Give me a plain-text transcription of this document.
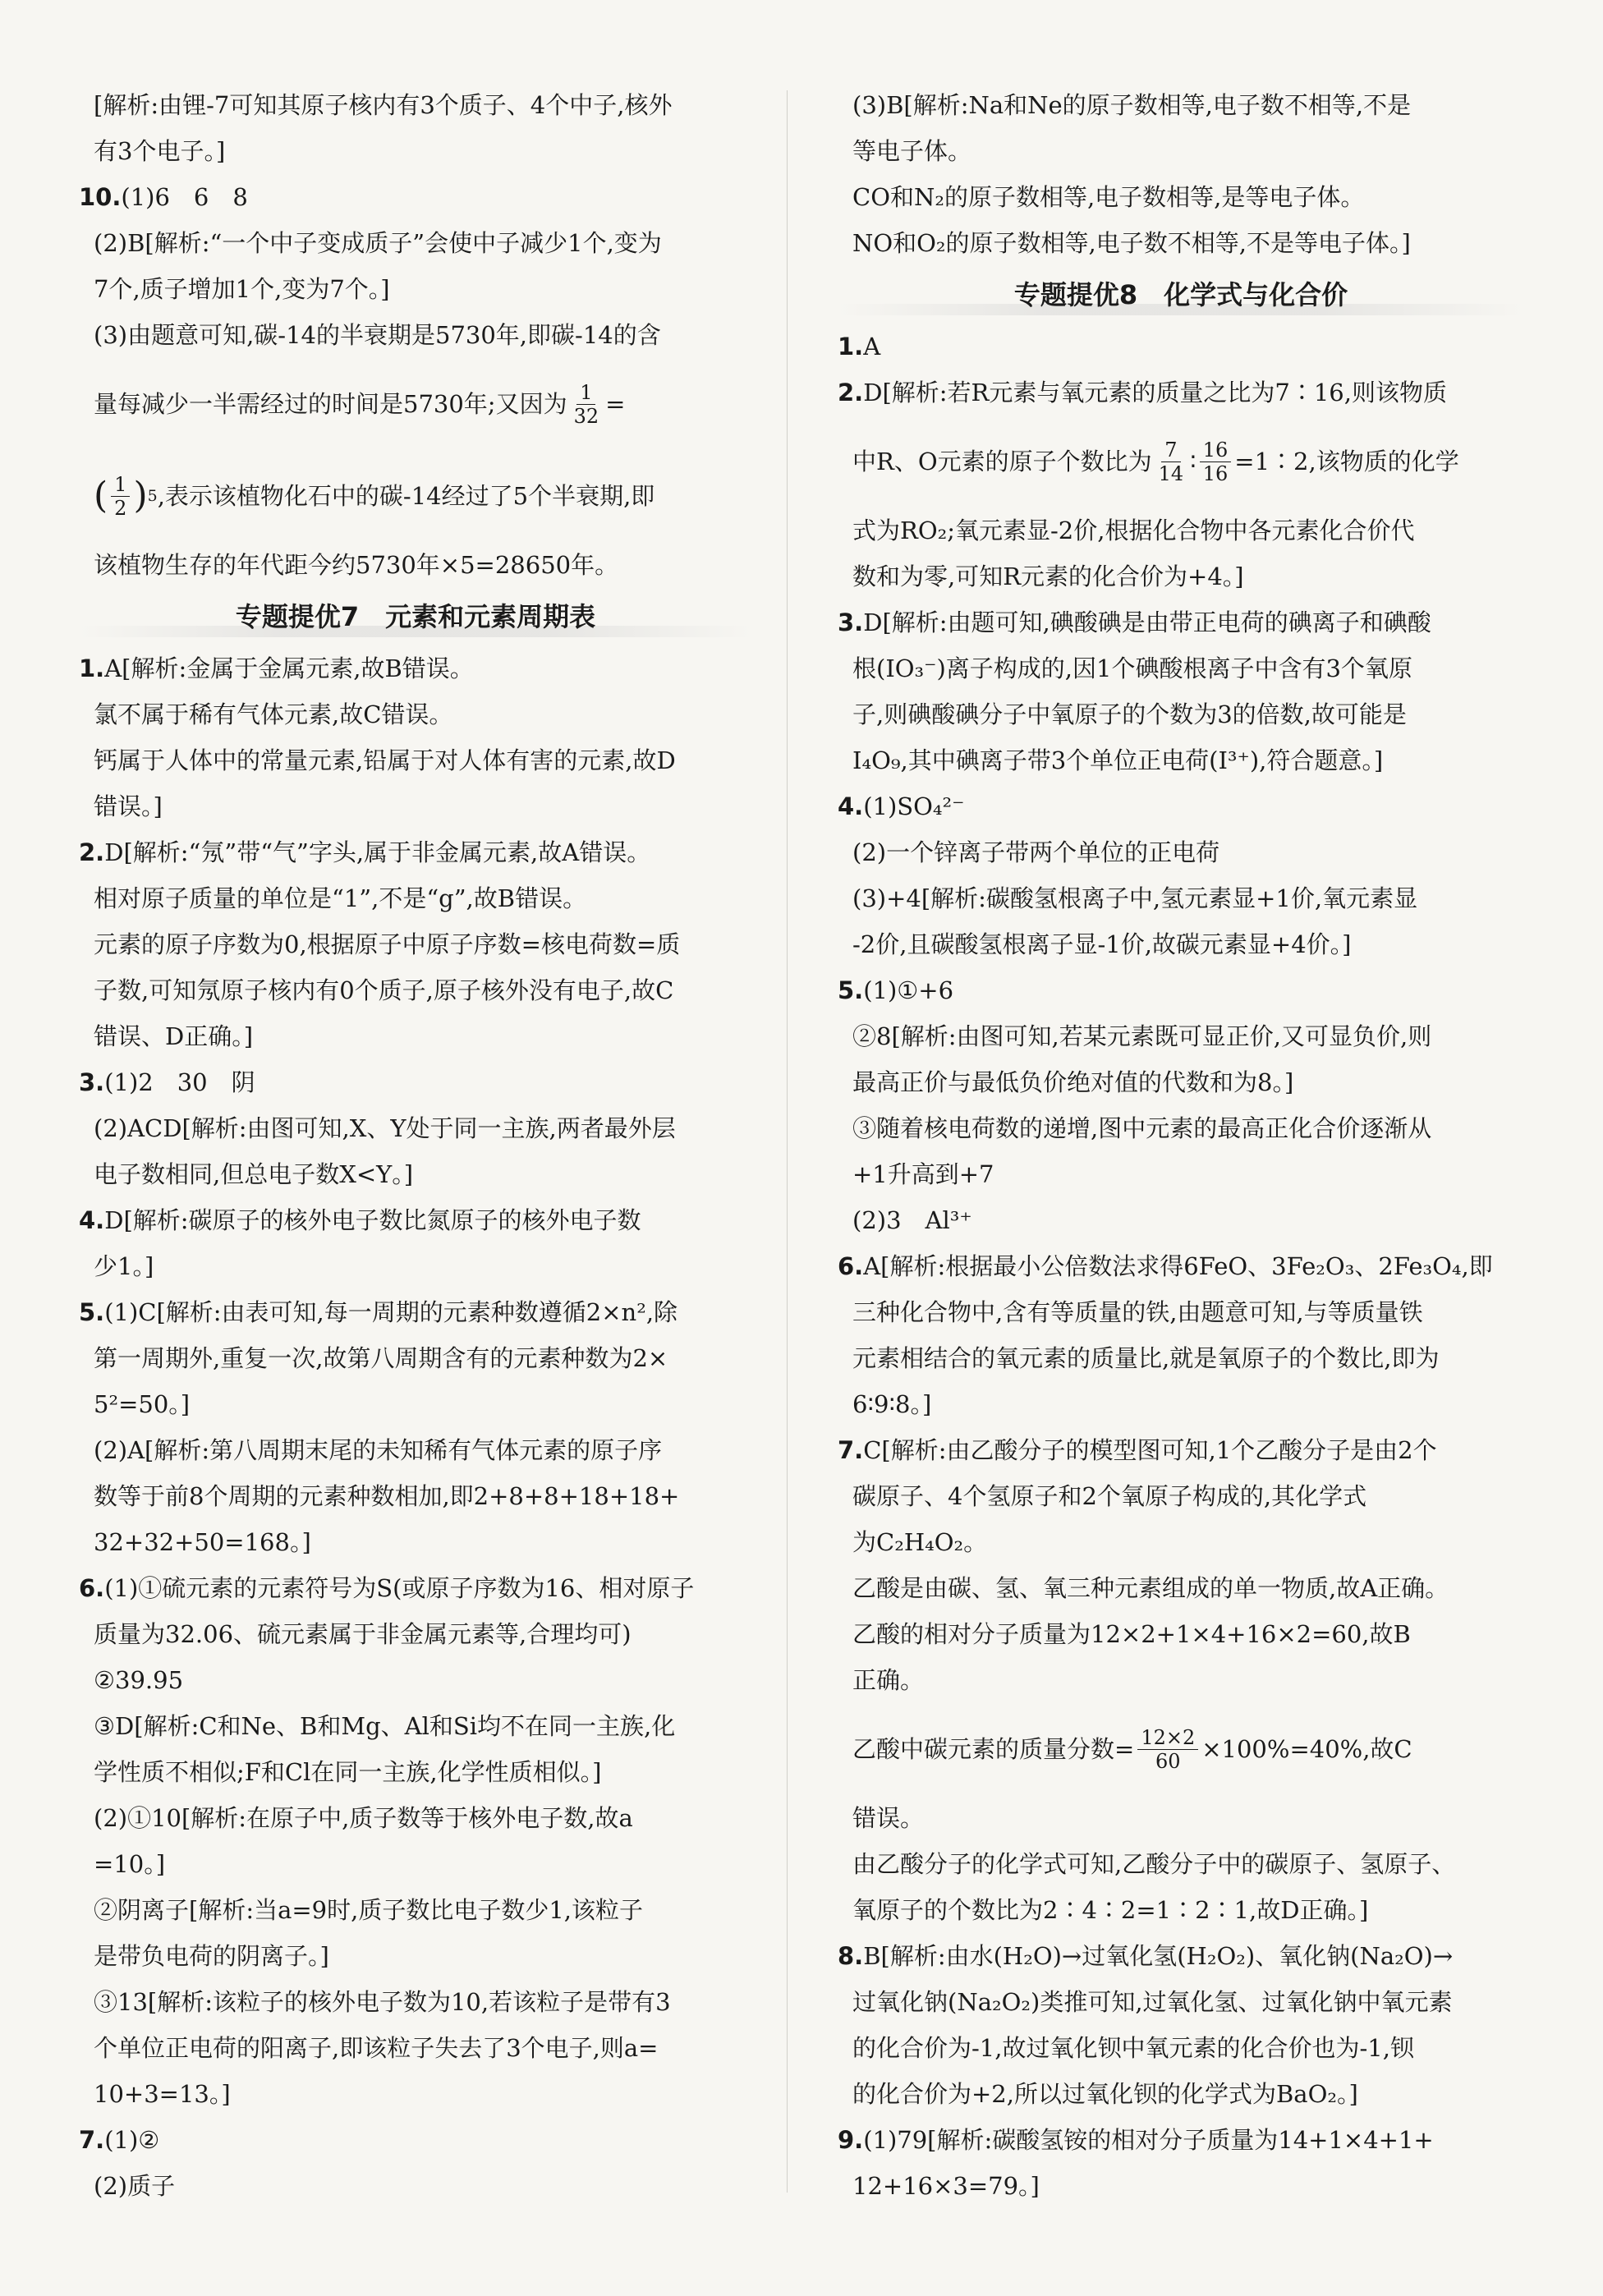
[解析:由锂-7可知其原子核内有3个质子、4个中子,核外
有3个电子。]
10.(1)6　6　8
(2)B[解析:“一个中子变成质子”会使中子减少1个,变为
7个,质子增加1个,变为7个。]
(3)由题意可知,碳-14的半衰期是5730年,即碳-14的含
量每减少一半需经过的时间是5730年;又因为 $\frac{1}{32}$ =
( $\frac{1}{2}$ ) 5 ,表示该植物化石中的碳-14经过了5个半衰期,即
该植物生存的年代距今约5730年×5=28650年。
专题提优7　元素和元素周期表
1.A[解析:金属于金属元素,故B错误。
氯不属于稀有气体元素,故C错误。
钙属于人体中的常量元素,铅属于对人体有害的元素,故D
错误。]
2.D[解析:“氖”带“气”字头,属于非金属元素,故A错误。
相对原子质量的单位是“1”,不是“g”,故B错误。
元素的原子序数为0,根据原子中原子序数=核电荷数=质
子数,可知氖原子核内有0个质子,原子核外没有电子,故C
错误、D正确。]
3.(1)2　30　阴
(2)ACD[解析:由图可知,X、Y处于同一主族,两者最外层
电子数相同,但总电子数X<Y。]
4.D[解析:碳原子的核外电子数比氮原子的核外电子数
少1。]
5.(1)C[解析:由表可知,每一周期的元素种数遵循2×n²,除
第一周期外,重复一次,故第八周期含有的元素种数为2×
5²=50。]
(2)A[解析:第八周期末尾的未知稀有气体元素的原子序
数等于前8个周期的元素种数相加,即2+8+8+18+18+
32+32+50=168。]
6.(1)①硫元素的元素符号为S(或原子序数为16、相对原子
质量为32.06、硫元素属于非金属元素等,合理均可)
②39.95
③D[解析:C和Ne、B和Mg、Al和Si均不在同一主族,化
学性质不相似;F和Cl在同一主族,化学性质相似。]
(2)①10[解析:在原子中,质子数等于核外电子数,故a
=10。]
②阴离子[解析:当a=9时,质子数比电子数少1,该粒子
是带负电荷的阴离子。]
③13[解析:该粒子的核外电子数为10,若该粒子是带有3
个单位正电荷的阳离子,即该粒子失去了3个电子,则a=
10+3=13。]
7.(1)②
(2)质子
(3)B[解析:Na和Ne的原子数相等,电子数不相等,不是
等电子体。
CO和N₂的原子数相等,电子数相等,是等电子体。
NO和O₂的原子数相等,电子数不相等,不是等电子体。]
专题提优8　化学式与化合价
1.A
2.D[解析:若R元素与氧元素的质量之比为7∶16,则该物质
中R、O元素的原子个数比为 $\frac{7}{14}$ ∶ $\frac{16}{16}$ =1∶2,该物质的化学
式为RO₂;氧元素显-2价,根据化合物中各元素化合价代
数和为零,可知R元素的化合价为+4。]
3.D[解析:由题可知,碘酸碘是由带正电荷的碘离子和碘酸
根(IO₃⁻)离子构成的,因1个碘酸根离子中含有3个氧原
子,则碘酸碘分子中氧原子的个数为3的倍数,故可能是
I₄O₉,其中碘离子带3个单位正电荷(I³⁺),符合题意。]
4.(1)SO₄²⁻
(2)一个锌离子带两个单位的正电荷
(3)+4[解析:碳酸氢根离子中,氢元素显+1价,氧元素显
-2价,且碳酸氢根离子显-1价,故碳元素显+4价。]
5.(1)①+6
②8[解析:由图可知,若某元素既可显正价,又可显负价,则
最高正价与最低负价绝对值的代数和为8。]
③随着核电荷数的递增,图中元素的最高正化合价逐渐从
+1升高到+7
(2)3　Al³⁺
6.A[解析:根据最小公倍数法求得6FeO、3Fe₂O₃、2Fe₃O₄,即
三种化合物中,含有等质量的铁,由题意可知,与等质量铁
元素相结合的氧元素的质量比,就是氧原子的个数比,即为
6∶9∶8。]
7.C[解析:由乙酸分子的模型图可知,1个乙酸分子是由2个
碳原子、4个氢原子和2个氧原子构成的,其化学式
为C₂H₄O₂。
乙酸是由碳、氢、氧三种元素组成的单一物质,故A正确。
乙酸的相对分子质量为12×2+1×4+16×2=60,故B
正确。
乙酸中碳元素的质量分数= $\frac{12\times 2}{60} \times 100\%=40\%$,故C
错误。
由乙酸分子的化学式可知,乙酸分子中的碳原子、氢原子、
氧原子的个数比为2∶4∶2=1∶2∶1,故D正确。]
8.B[解析:由水(H₂O)→过氧化氢(H₂O₂)、氧化钠(Na₂O)→
过氧化钠(Na₂O₂)类推可知,过氧化氢、过氧化钠中氧元素
的化合价为-1,故过氧化钡中氧元素的化合价也为-1,钡
的化合价为+2,所以过氧化钡的化学式为BaO₂。]
9.(1)79[解析:碳酸氢铵的相对分子质量为14+1×4+1+
12+16×3=79。]
